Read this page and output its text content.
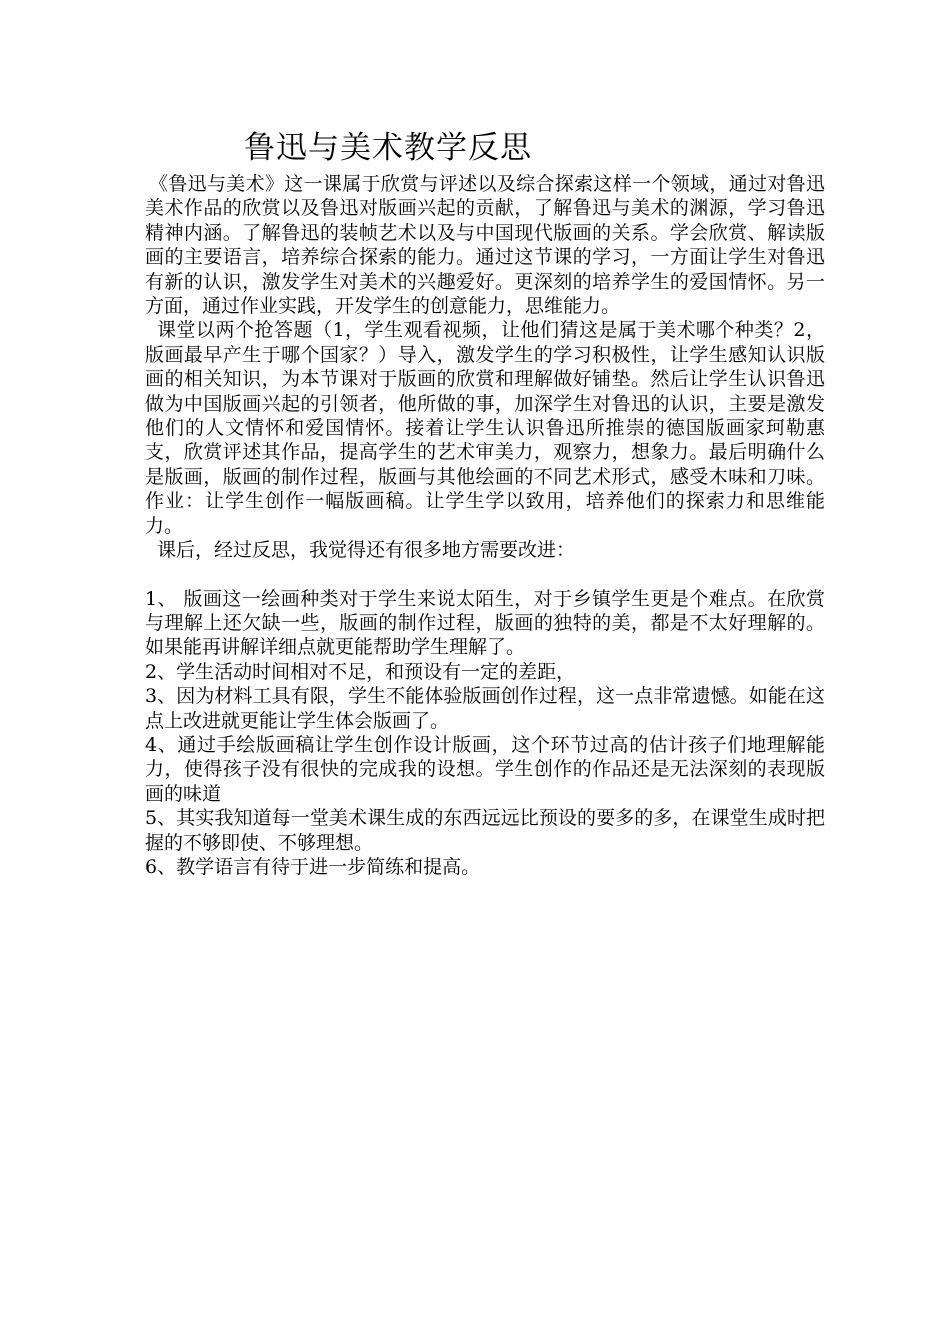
鲁迅与美术教学反思

《鲁迅与美术》这一课属于欣赏与评述以及综合探索这样一个领域，通过对鲁迅美术作品的欣赏以及鲁迅对版画兴起的贡献，了解鲁迅与美术的渊源，学习鲁迅精神内涵。了解鲁迅的装帧艺术以及与中国现代版画的关系。学会欣赏、解读版画的主要语言，培养综合探索的能力。通过这节课的学习，一方面让学生对鲁迅有新的认识，激发学生对美术的兴趣爱好。更深刻的培养学生的爱国情怀。另一方面，通过作业实践，开发学生的创意能力，思维能力。

课堂以两个抢答题（1，学生观看视频，让他们猜这是属于美术哪个种类？2，版画最早产生于哪个国家？）导入，激发学生的学习积极性，让学生感知认识版画的相关知识，为本节课对于版画的欣赏和理解做好铺垫。然后让学生认识鲁迅做为中国版画兴起的引领者，他所做的事，加深学生对鲁迅的认识，主要是激发他们的人文情怀和爱国情怀。接着让学生认识鲁迅所推崇的德国版画家珂勒惠支，欣赏评述其作品，提高学生的艺术审美力，观察力，想象力。最后明确什么是版画，版画的制作过程，版画与其他绘画的不同艺术形式，感受木味和刀味。作业：让学生创作一幅版画稿。让学生学以致用，培养他们的探索力和思维能力。

课后，经过反思，我觉得还有很多地方需要改进：

1、 版画这一绘画种类对于学生来说太陌生，对于乡镇学生更是个难点。在欣赏与理解上还欠缺一些，版画的制作过程，版画的独特的美，都是不太好理解的。如果能再讲解详细点就更能帮助学生理解了。

2、学生活动时间相对不足，和预设有一定的差距，

3、因为材料工具有限，学生不能体验版画创作过程，这一点非常遗憾。如能在这点上改进就更能让学生体会版画了。

4、通过手绘版画稿让学生创作设计版画，这个环节过高的估计孩子们地理解能力，使得孩子没有很快的完成我的设想。学生创作的作品还是无法深刻的表现版画的味道

5、其实我知道每一堂美术课生成的东西远远比预设的要多的多，在课堂生成时把握的不够即使、不够理想。

6、教学语言有待于进一步简练和提高。
